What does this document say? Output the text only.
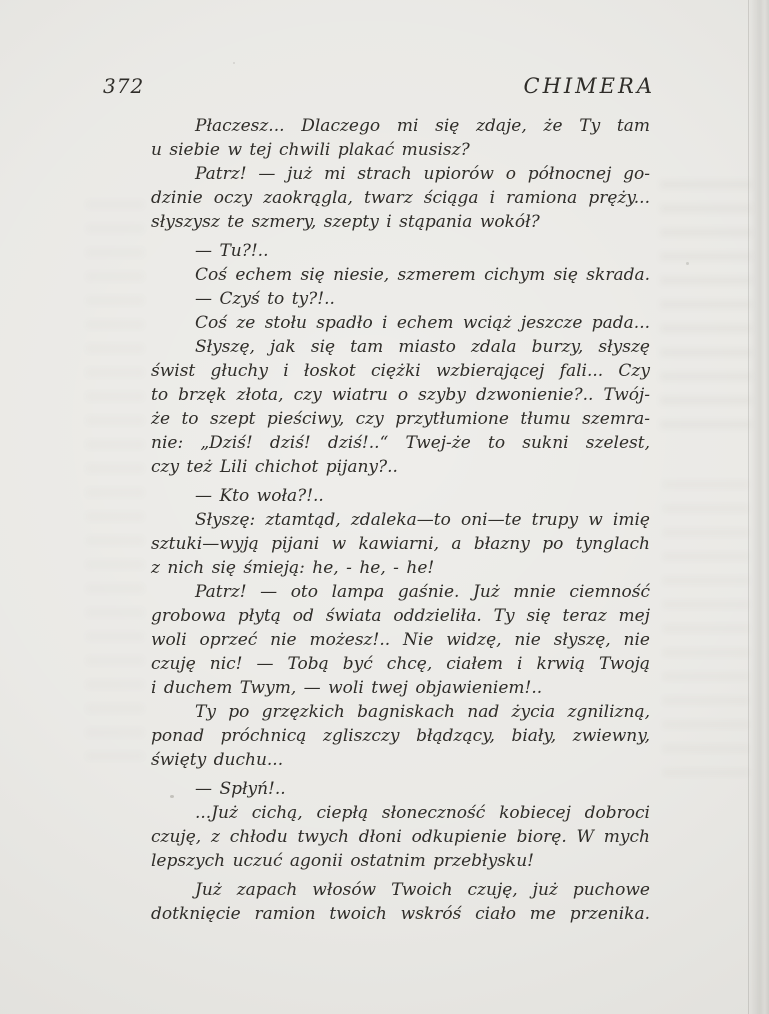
372	CHIMERA

Płaczesz... Dlaczego mi się zdaje, że Ty tam
u siebie w tej chwili plakać musisz?

Patrz! — już mi strach upiorów o północnej go-
dzinie oczy zaokrągla, twarz ściąga i ramiona pręży...
słyszysz te szmery, szepty i stąpania wokół?

— Tu?!..

Coś echem się niesie, szmerem cichym się skrada.

— Czyś to ty?!..

Coś ze stołu spadło i echem wciąż jeszcze pada...

Słyszę, jak się tam miasto zdala burzy, słyszę
świst głuchy i łoskot ciężki wzbierającej fali... Czy
to brzęk złota, czy wiatru o szyby dzwonienie?.. Twój-
że to szept pieściwy, czy przytłumione tłumu szemra-
nie: „Dziś! dziś! dziś!..“ Twej-że to sukni szelest,
czy też Lili chichot pijany?..

— Kto woła?!..

Słyszę: ztamtąd, zdaleka—to oni—te trupy w imię
sztuki—wyją pijani w kawiarni, a błazny po tynglach
z nich się śmieją: he, - he, - he!

Patrz! — oto lampa gaśnie. Już mnie ciemność
grobowa płytą od świata oddzieliła. Ty się teraz mej
woli oprzeć nie możesz!.. Nie widzę, nie słyszę, nie
czuję nic! — Tobą być chcę, ciałem i krwią Twoją
i duchem Twym, — woli twej objawieniem!..

Ty po grzęzkich bagniskach nad życia zgnilizną,
ponad próchnicą zgliszczy błądzący, biały, zwiewny,
święty duchu...

— Spłyń!..

...Już cichą, ciepłą słoneczność kobiecej dobroci
czuję, z chłodu twych dłoni odkupienie biorę. W mych
lepszych uczuć agonii ostatnim przebłysku!

Już zapach włosów Twoich czuję, już puchowe
dotknięcie ramion twoich wskróś ciało me przenika.
